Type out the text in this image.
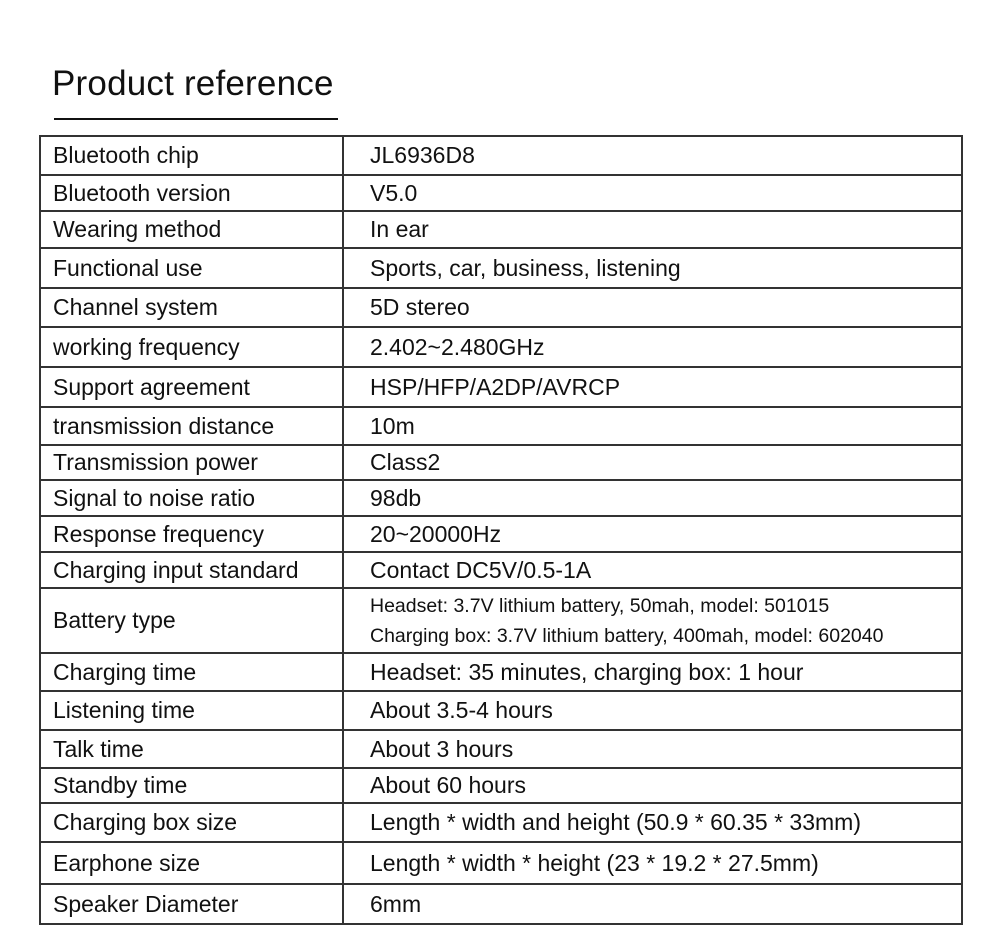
Product reference
Bluetooth chip	JL6936D8
Bluetooth version	V5.0
Wearing method	In ear
Functional use	Sports, car, business, listening
Channel system	5D stereo
working frequency	2.402~2.480GHz
Support agreement	HSP/HFP/A2DP/AVRCP
transmission distance	10m
Transmission power	Class2
Signal to noise ratio	98db
Response frequency	20~20000Hz
Charging input standard	Contact DC5V/0.5-1A
Battery type	Headset: 3.7V lithium battery, 50mah, model: 501015
Charging box: 3.7V lithium battery, 400mah, model: 602040

Charging time	Headset: 35 minutes, charging box: 1 hour
Listening time	About 3.5-4 hours
Talk time	About 3 hours
Standby time	About 60 hours
Charging box size	Length * width and height (50.9 * 60.35 * 33mm)
Earphone size	Length * width * height (23 * 19.2 * 27.5mm)
Speaker Diameter	6mm
